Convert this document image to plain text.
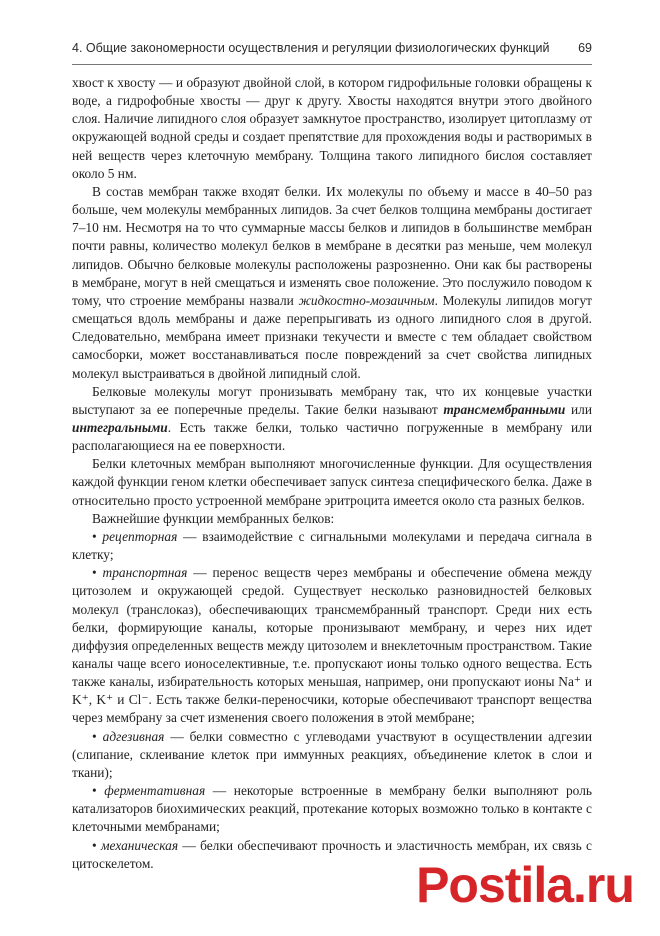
4. Общие закономерности осуществления и регуляции физиологических функций 69

хвост к хвосту — и образуют двойной слой, в котором гидрофильные головки обращены к воде, а гидрофобные хвосты — друг к другу. Хвосты находятся внутри этого двойного слоя. Наличие липидного слоя образует замкнутое пространство, изолирует цитоплазму от окружающей водной среды и создает препятствие для прохождения воды и растворимых в ней веществ через клеточную мембрану. Толщина такого липидного бислоя составляет около 5 нм.

В состав мембран также входят белки. Их молекулы по объему и массе в 40–50 раз больше, чем молекулы мембранных липидов. За счет белков толщина мембраны достигает 7–10 нм. Несмотря на то что суммарные массы белков и липидов в большинстве мембран почти равны, количество молекул белков в мембране в десятки раз меньше, чем молекул липидов. Обычно белковые молекулы расположены разрозненно. Они как бы растворены в мембране, могут в ней смещаться и изменять свое положение. Это послужило поводом к тому, что строение мембраны назвали жидкостно-мозаичным. Молекулы липидов могут смещаться вдоль мембраны и даже перепрыгивать из одного липидного слоя в другой. Следовательно, мембрана имеет признаки текучести и вместе с тем обладает свойством самосборки, может восстанавливаться после повреждений за счет свойства липидных молекул выстраиваться в двойной липидный слой.

Белковые молекулы могут пронизывать мембрану так, что их концевые участки выступают за ее поперечные пределы. Такие белки называют трансмембранными или интегральными. Есть также белки, только частично погруженные в мембрану или располагающиеся на ее поверхности.

Белки клеточных мембран выполняют многочисленные функции. Для осуществления каждой функции геном клетки обеспечивает запуск синтеза специфического белка. Даже в относительно просто устроенной мембране эритроцита имеется около ста разных белков.

Важнейшие функции мембранных белков:

• рецепторная — взаимодействие с сигнальными молекулами и передача сигнала в клетку;

• транспортная — перенос веществ через мембраны и обеспечение обмена между цитозолем и окружающей средой. Существует несколько разновидностей белковых молекул (транслоказ), обеспечивающих трансмембранный транспорт. Среди них есть белки, формирующие каналы, которые пронизывают мембрану, и через них идет диффузия определенных веществ между цитозолем и внеклеточным пространством. Такие каналы чаще всего ионоселективные, т.е. пропускают ионы только одного вещества. Есть также каналы, избирательность которых меньшая, например, они пропускают ионы Na⁺ и K⁺, K⁺ и Cl⁻. Есть также белки-переносчики, которые обеспечивают транспорт вещества через мембрану за счет изменения своего положения в этой мембране;

• адгезивная — белки совместно с углеводами участвуют в осуществлении адгезии (слипание, склеивание клеток при иммунных реакциях, объединение клеток в слои и ткани);

• ферментативная — некоторые встроенные в мембрану белки выполняют роль катализаторов биохимических реакций, протекание которых возможно только в контакте с клеточными мембранами;

• механическая — белки обеспечивают прочность и эластичность мембран, их связь с цитоскелетом.	Postila.ru
